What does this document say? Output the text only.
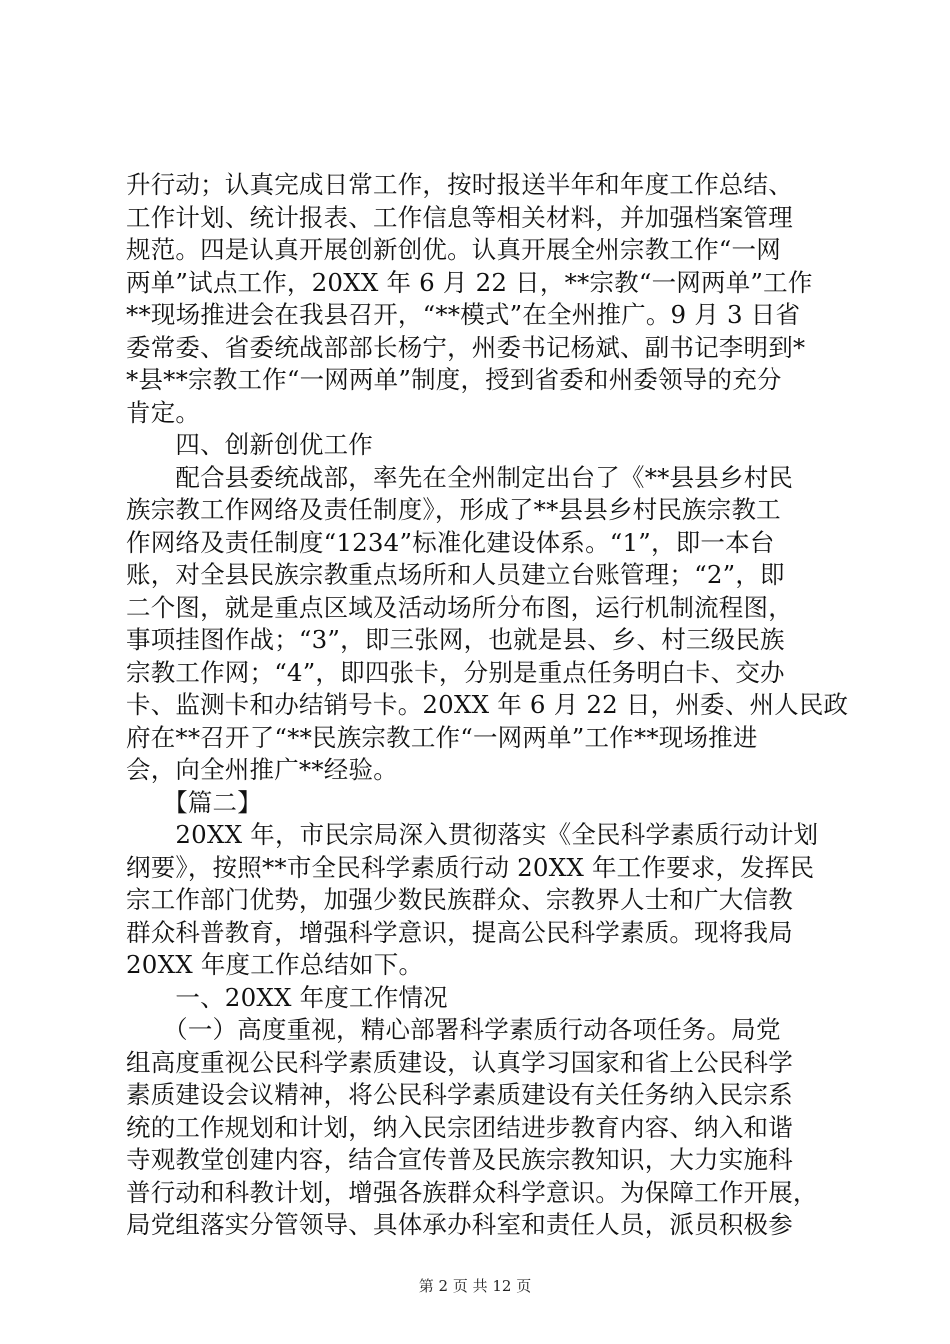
升行动；认真完成日常工作，按时报送半年和年度工作总结、
工作计划、统计报表、工作信息等相关材料，并加强档案管理
规范。四是认真开展创新创优。认真开展全州宗教工作“一网
两单”试点工作，20XX 年 6 月 22 日，**宗教“一网两单”工作
**现场推进会在我县召开，“**模式”在全州推广。9 月 3 日省
委常委、省委统战部部长杨宁，州委书记杨斌、副书记李明到*
*县**宗教工作“一网两单”制度，授到省委和州委领导的充分
肯定。
　　四、创新创优工作
　　配合县委统战部，率先在全州制定出台了《**县县乡村民
族宗教工作网络及责任制度》，形成了**县县乡村民族宗教工
作网络及责任制度“1234”标准化建设体系。“1”，即一本台
账，对全县民族宗教重点场所和人员建立台账管理；“2”，即
二个图，就是重点区域及活动场所分布图，运行机制流程图，
事项挂图作战；“3”，即三张网，也就是县、乡、村三级民族
宗教工作网；“4”，即四张卡，分别是重点任务明白卡、交办
卡、监测卡和办结销号卡。20XX 年 6 月 22 日，州委、州人民政
府在**召开了“**民族宗教工作“一网两单”工作**现场推进
会，向全州推广**经验。
　　【篇二】
　　20XX 年，市民宗局深入贯彻落实《全民科学素质行动计划
纲要》，按照**市全民科学素质行动 20XX 年工作要求，发挥民
宗工作部门优势，加强少数民族群众、宗教界人士和广大信教
群众科普教育，增强科学意识，提高公民科学素质。现将我局
20XX 年度工作总结如下。
　　一、20XX 年度工作情况
　　（一）高度重视，精心部署科学素质行动各项任务。局党
组高度重视公民科学素质建设，认真学习国家和省上公民科学
素质建设会议精神，将公民科学素质建设有关任务纳入民宗系
统的工作规划和计划，纳入民宗团结进步教育内容、纳入和谐
寺观教堂创建内容，结合宣传普及民族宗教知识，大力实施科
普行动和科教计划，增强各族群众科学意识。为保障工作开展，
局党组落实分管领导、具体承办科室和责任人员，派员积极参
第 2 页 共 12 页
